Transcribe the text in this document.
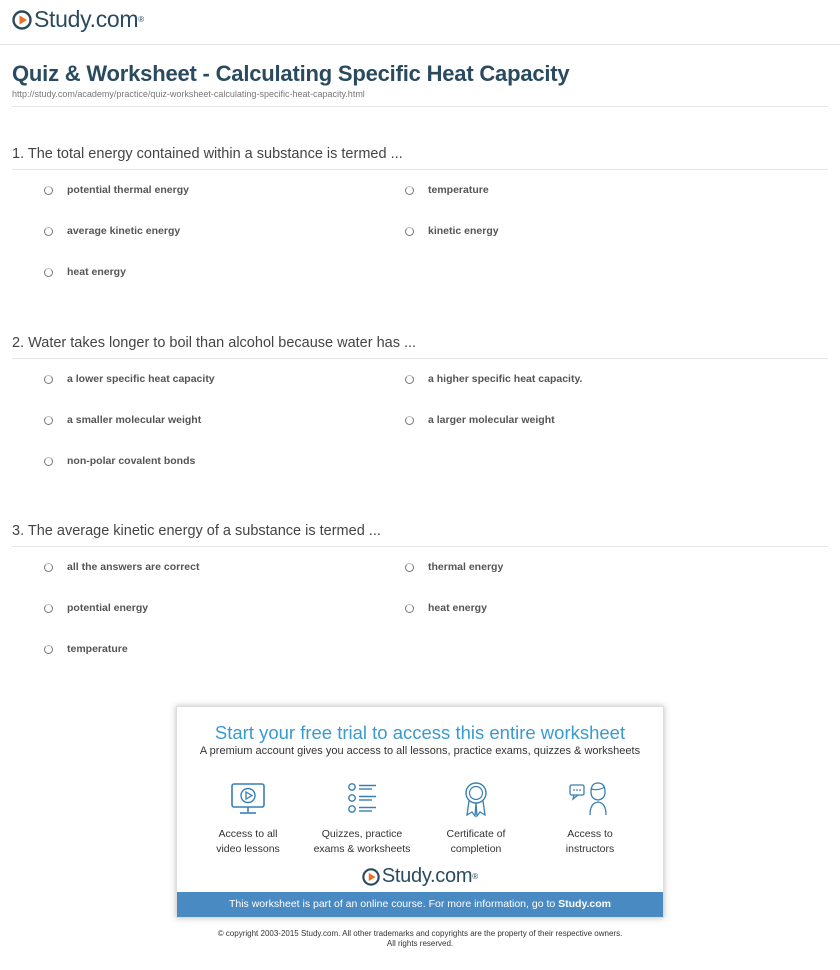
Study.com ®
Quiz & Worksheet - Calculating Specific Heat Capacity
http://study.com/academy/practice/quiz-worksheet-calculating-specific-heat-capacity.html
1. The total energy contained within a substance is termed ...
potential thermal energy	temperature
average kinetic energy	kinetic energy
heat energy
2. Water takes longer to boil than alcohol because water has ...
a lower specific heat capacity	a higher specific heat capacity.
a smaller molecular weight	a larger molecular weight
non-polar covalent bonds
3. The average kinetic energy of a substance is termed ...
all the answers are correct	thermal energy
potential energy	heat energy
temperature
Start your free trial to access this entire worksheet
A premium account gives you access to all lessons, practice exams, quizzes & worksheets
Access to all
video lessons
Quizzes, practice
exams & worksheets
Certificate of
completion
Access to
instructors
Study.com ®
This worksheet is part of an online course. For more information, go to Study.com
© copyright 2003-2015 Study.com. All other trademarks and copyrights are the property of their respective owners.
All rights reserved.
